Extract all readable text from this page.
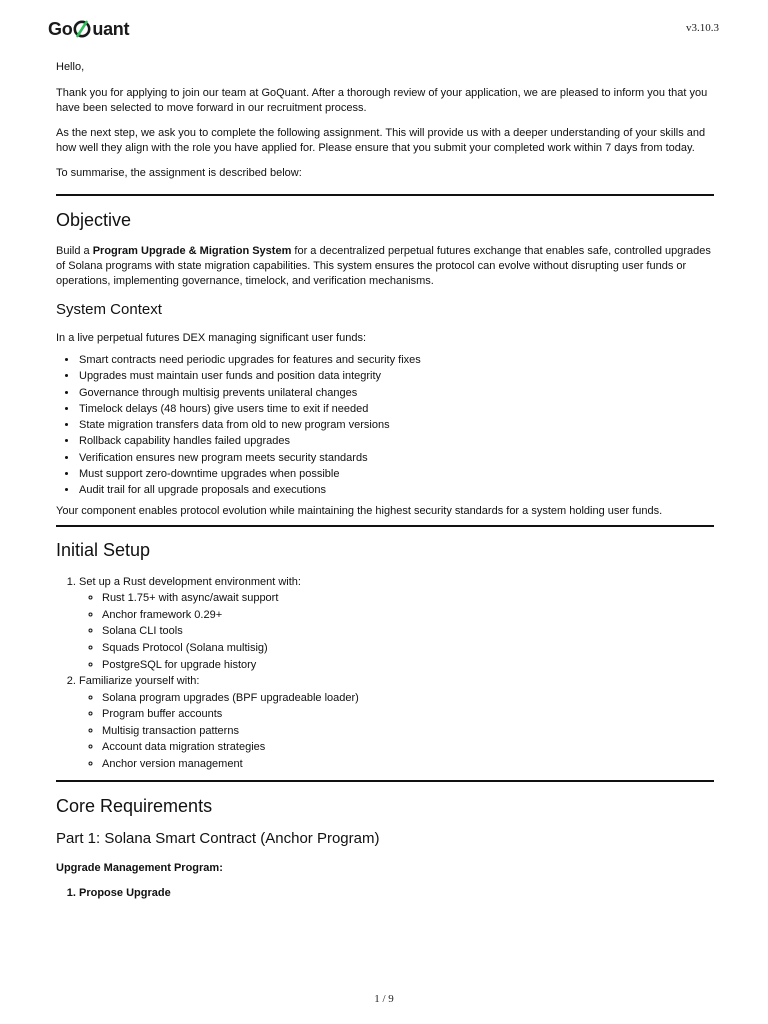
Go uant	v3.10.3

Hello,

Thank you for applying to join our team at GoQuant. After a thorough review of your application, we are pleased to inform you that you have been selected to move forward in our recruitment process.

As the next step, we ask you to complete the following assignment. This will provide us with a deeper understanding of your skills and how well they align with the role you have applied for. Please ensure that you submit your completed work within 7 days from today.

To summarise, the assignment is described below:

Objective

Build a Program Upgrade & Migration System for a decentralized perpetual futures exchange that enables safe, controlled upgrades of Solana programs with state migration capabilities. This system ensures the protocol can evolve without disrupting user funds or operations, implementing governance, timelock, and verification mechanisms.

System Context

In a live perpetual futures DEX managing significant user funds:

• Smart contracts need periodic upgrades for features and security fixes
• Upgrades must maintain user funds and position data integrity
• Governance through multisig prevents unilateral changes
• Timelock delays (48 hours) give users time to exit if needed
• State migration transfers data from old to new program versions
• Rollback capability handles failed upgrades
• Verification ensures new program meets security standards
• Must support zero-downtime upgrades when possible
• Audit trail for all upgrade proposals and executions

Your component enables protocol evolution while maintaining the highest security standards for a system holding user funds.

Initial Setup
1. Set up a Rust development environment with:
◦ Rust 1.75+ with async/await support
◦ Anchor framework 0.29+
◦ Solana CLI tools
◦ Squads Protocol (Solana multisig)
◦ PostgreSQL for upgrade history
2. Familiarize yourself with:
◦ Solana program upgrades (BPF upgradeable loader)
◦ Program buffer accounts
◦ Multisig transaction patterns
◦ Account data migration strategies
◦ Anchor version management
Core Requirements
Part 1: Solana Smart Contract (Anchor Program)

Upgrade Management Program:

1. Propose Upgrade
1 / 9
